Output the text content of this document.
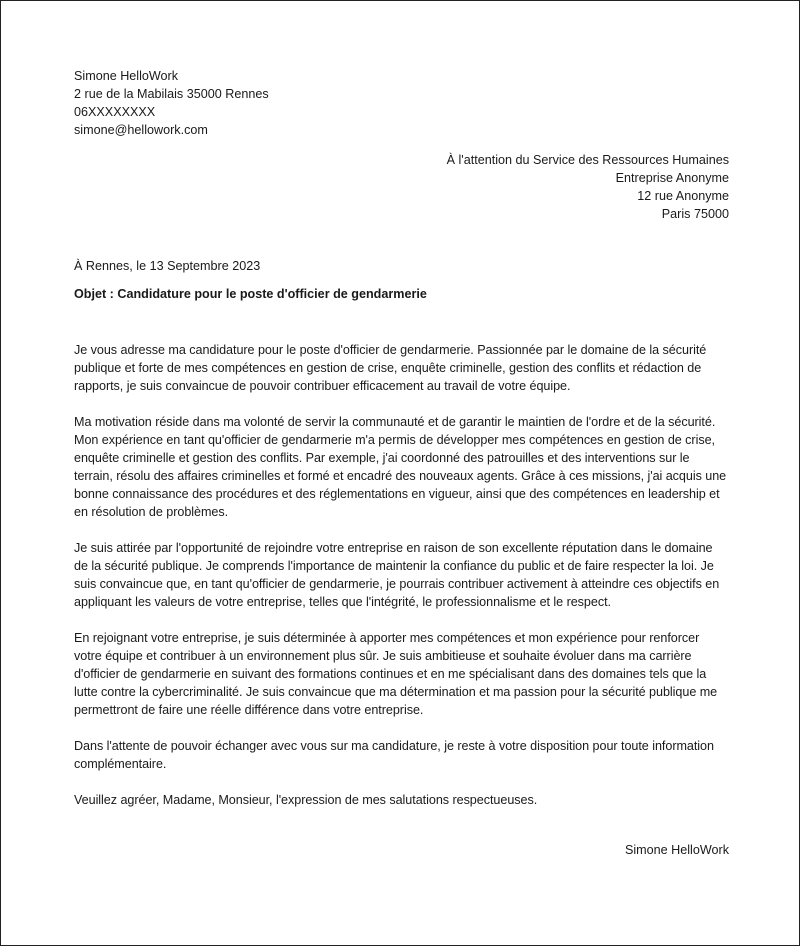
Simone HelloWork

2 rue de la Mabilais 35000 Rennes

06XXXXXXXX

simone@hellowork.com

À l'attention du Service des Ressources Humaines

Entreprise Anonyme

12 rue Anonyme

Paris 75000

À Rennes, le 13 Septembre 2023

Objet : Candidature pour le poste d'officier de gendarmerie

Je vous adresse ma candidature pour le poste d'officier de gendarmerie. Passionnée par le domaine de la sécurité publique et forte de mes compétences en gestion de crise, enquête criminelle, gestion des conflits et rédaction de rapports, je suis convaincue de pouvoir contribuer efficacement au travail de votre équipe.

Ma motivation réside dans ma volonté de servir la communauté et de garantir le maintien de l'ordre et de la sécurité. Mon expérience en tant qu'officier de gendarmerie m'a permis de développer mes compétences en gestion de crise, enquête criminelle et gestion des conflits. Par exemple, j'ai coordonné des patrouilles et des interventions sur le terrain, résolu des affaires criminelles et formé et encadré des nouveaux agents. Grâce à ces missions, j'ai acquis une bonne connaissance des procédures et des réglementations en vigueur, ainsi que des compétences en leadership et en résolution de problèmes.

Je suis attirée par l'opportunité de rejoindre votre entreprise en raison de son excellente réputation dans le domaine de la sécurité publique. Je comprends l'importance de maintenir la confiance du public et de faire respecter la loi. Je suis convaincue que, en tant qu'officier de gendarmerie, je pourrais contribuer activement à atteindre ces objectifs en appliquant les valeurs de votre entreprise, telles que l'intégrité, le professionnalisme et le respect.

En rejoignant votre entreprise, je suis déterminée à apporter mes compétences et mon expérience pour renforcer votre équipe et contribuer à un environnement plus sûr. Je suis ambitieuse et souhaite évoluer dans ma carrière d'officier de gendarmerie en suivant des formations continues et en me spécialisant dans des domaines tels que la lutte contre la cybercriminalité. Je suis convaincue que ma détermination et ma passion pour la sécurité publique me permettront de faire une réelle différence dans votre entreprise.

Dans l'attente de pouvoir échanger avec vous sur ma candidature, je reste à votre disposition pour toute information complémentaire.

Veuillez agréer, Madame, Monsieur, l'expression de mes salutations respectueuses.

Simone HelloWork
